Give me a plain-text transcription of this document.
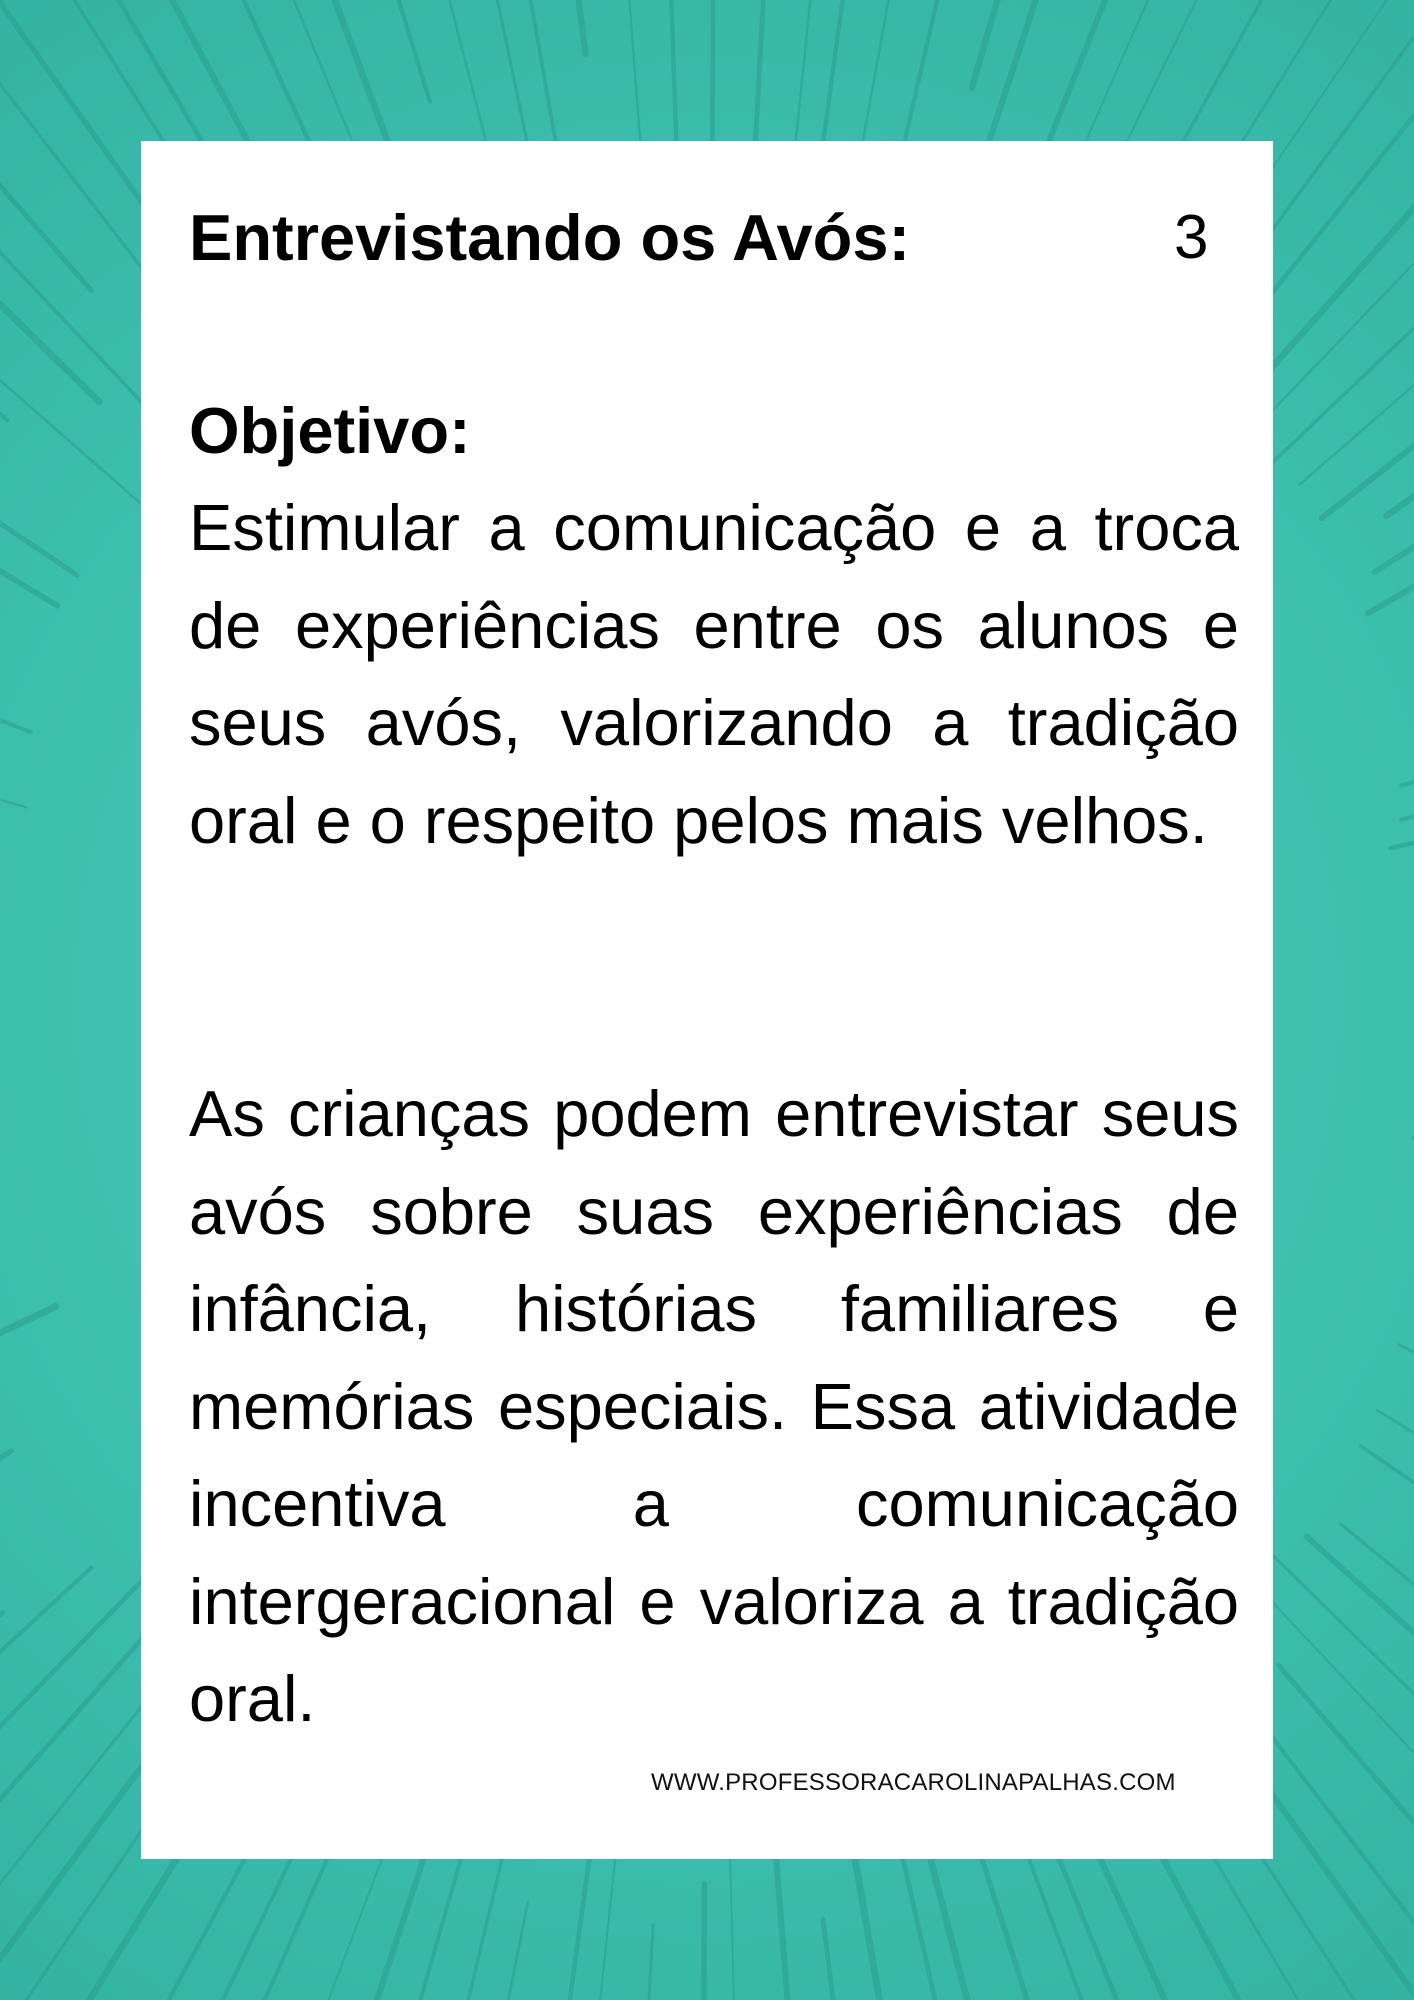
Entrevistando os Avós:	3
Objetivo:
Estimular a comunicação e a troca de experiências entre os alunos e seus avós, valorizando a tradição oral e o respeito pelos mais velhos.
As crianças podem entrevistar seus avós sobre suas experiências de infância, histórias familiares e memórias especiais. Essa atividade incentiva a comunicação intergeracional e valoriza a tradição oral.
WWW.PROFESSORACAROLINAPALHAS.COM
